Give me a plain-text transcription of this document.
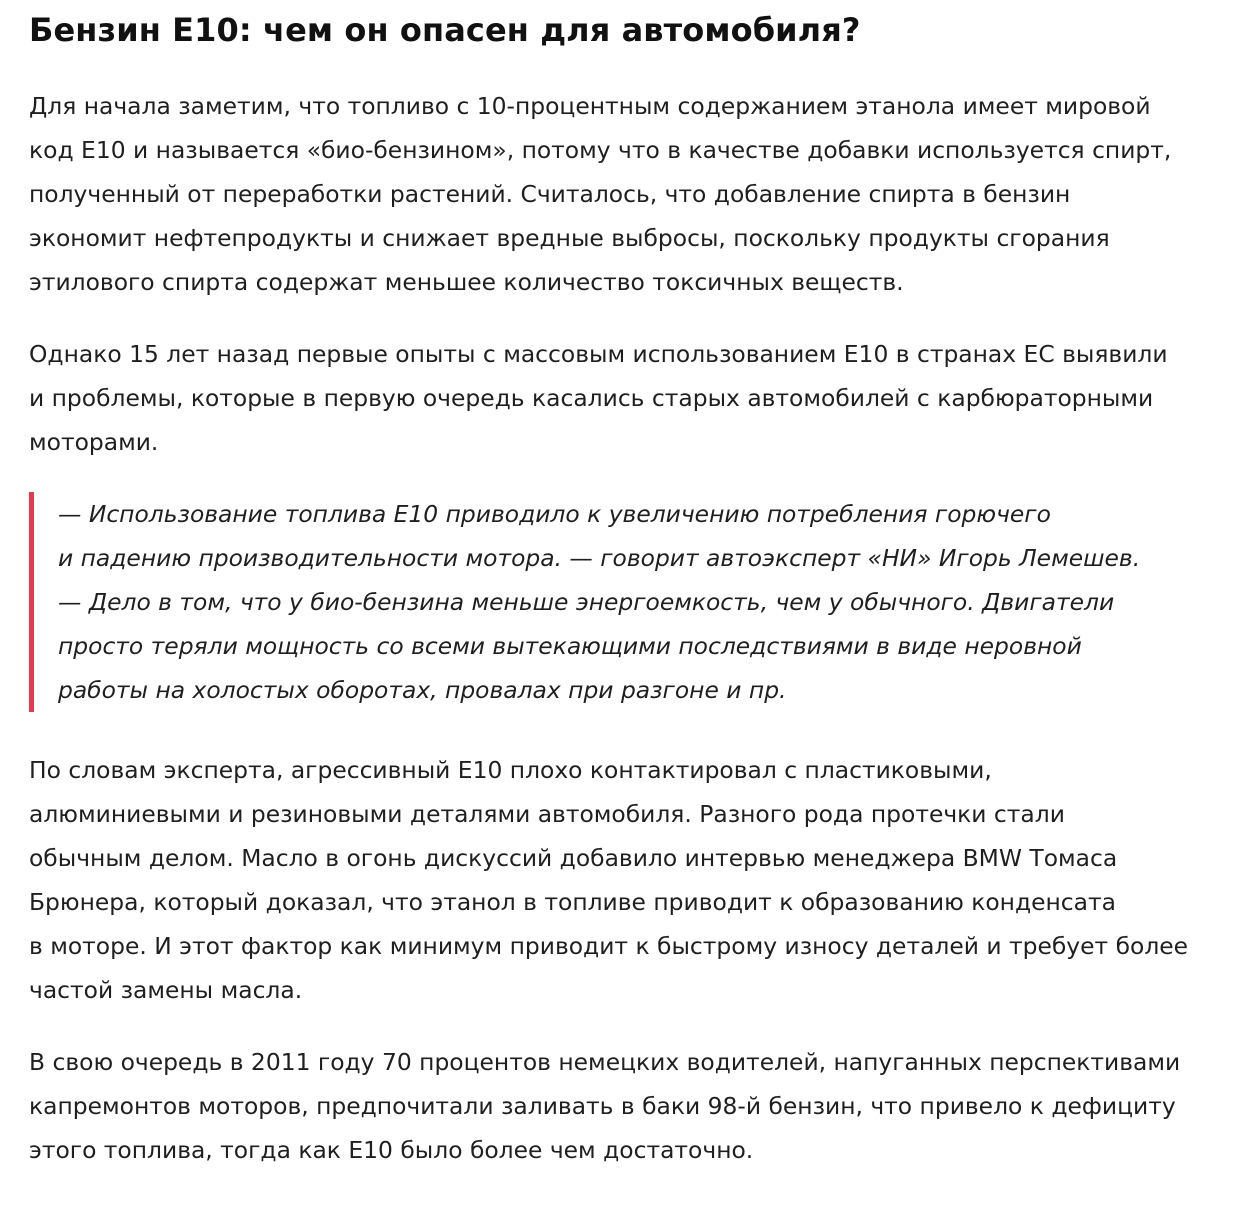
Бензин Е10: чем он опасен для автомобиля?

Для начала заметим, что топливо с 10-процентным содержанием этанола имеет мировой
код Е10 и называется «био-бензином», потому что в качестве добавки используется спирт,
полученный от переработки растений. Считалось, что добавление спирта в бензин
экономит нефтепродукты и снижает вредные выбросы, поскольку продукты сгорания
этилового спирта содержат меньшее количество токсичных веществ.

Однако 15 лет назад первые опыты с массовым использованием Е10 в странах ЕС выявили
и проблемы, которые в первую очередь касались старых автомобилей с карбюраторными
моторами.

— Использование топлива Е10 приводило к увеличению потребления горючего
и падению производительности мотора. — говорит автоэксперт «НИ» Игорь Лемешев.
— Дело в том, что у био-бензина меньше энергоемкость, чем у обычного. Двигатели
просто теряли мощность со всеми вытекающими последствиями в виде неровной
работы на холостых оборотах, провалах при разгоне и пр.

По словам эксперта, агрессивный Е10 плохо контактировал с пластиковыми,
алюминиевыми и резиновыми деталями автомобиля. Разного рода протечки стали
обычным делом. Масло в огонь дискуссий добавило интервью менеджера BMW Томаса
Брюнера, который доказал, что этанол в топливе приводит к образованию конденсата
в моторе. И этот фактор как минимум приводит к быстрому износу деталей и требует более
частой замены масла.

В свою очередь в 2011 году 70 процентов немецких водителей, напуганных перспективами
капремонтов моторов, предпочитали заливать в баки 98-й бензин, что привело к дефициту
этого топлива, тогда как Е10 было более чем достаточно.
